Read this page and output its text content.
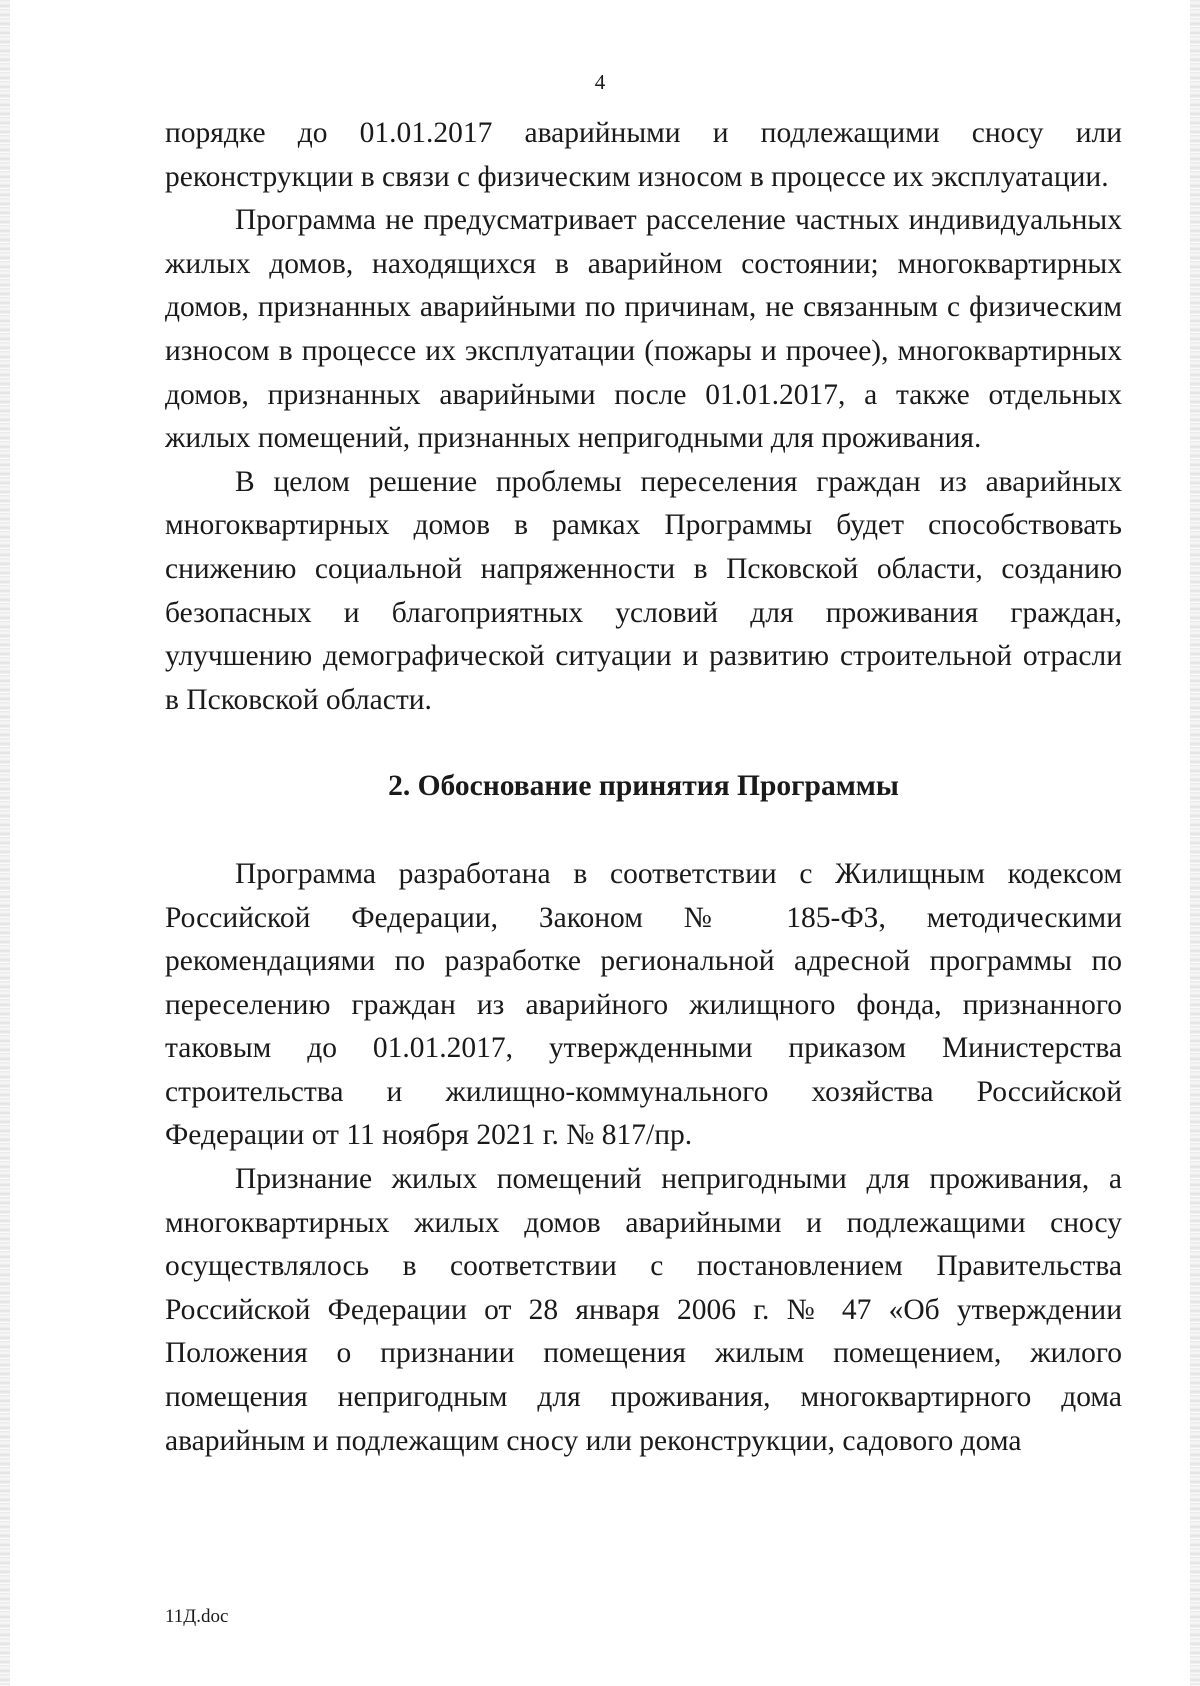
4

порядке до 01.01.2017 аварийными и подлежащими сносу или реконструкции в связи с физическим износом в процессе их эксплуатации.

Программа не предусматривает расселение частных индивидуальных жилых домов, находящихся в аварийном состоянии; многоквартирных домов, признанных аварийными по причинам, не связанным с физическим износом в процессе их эксплуатации (пожары и прочее), многоквартирных домов, признанных аварийными после 01.01.2017, а также отдельных жилых помещений, признанных непригодными для проживания.

В целом решение проблемы переселения граждан из аварийных многоквартирных домов в рамках Программы будет способствовать снижению социальной напряженности в Псковской области, созданию безопасных и благоприятных условий для проживания граждан, улучшению демографической ситуации и развитию строительной отрасли в Псковской области.

2. Обоснование принятия Программы

Программа разработана в соответствии с Жилищным кодексом Российской Федерации, Законом № 185-ФЗ, методическими рекомендациями по разработке региональной адресной программы по переселению граждан из аварийного жилищного фонда, признанного таковым до 01.01.2017, утвержденными приказом Министерства строительства и жилищно-коммунального хозяйства Российской Федерации от 11 ноября 2021 г. № 817/пр.

Признание жилых помещений непригодными для проживания, а многоквартирных жилых домов аварийными и подлежащими сносу осуществлялось в соответствии с постановлением Правительства Российской Федерации от 28 января 2006 г. № 47 «Об утверждении Положения о признании помещения жилым помещением, жилого помещения непригодным для проживания, многоквартирного дома аварийным и подлежащим сносу или реконструкции, садового дома

11Д.doc
